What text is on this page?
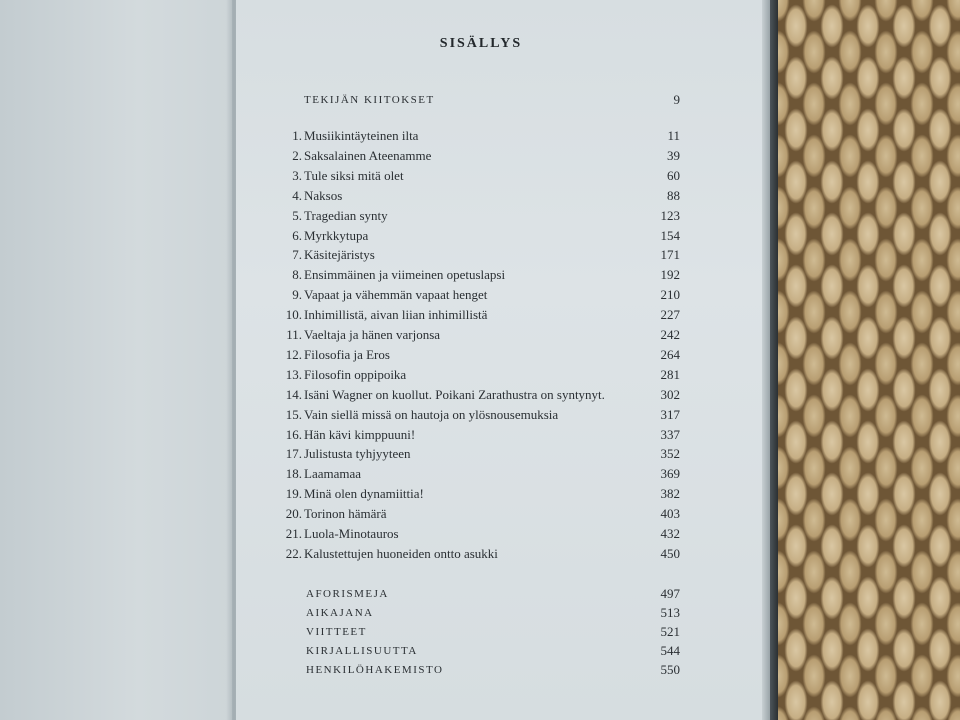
SISÄLLYS
TEKIJÄN KIITOKSET	9
1. Musiikintäyteinen ilta	11
2. Saksalainen Ateenamme	39
3. Tule siksi mitä olet	60
4. Naksos	88
5. Tragedian synty	123
6. Myrkkytupa	154
7. Käsitejäristys	171
8. Ensimmäinen ja viimeinen opetuslapsi	192
9. Vapaat ja vähemmän vapaat henget	210
10. Inhimillistä, aivan liian inhimillistä	227
11. Vaeltaja ja hänen varjonsa	242
12. Filosofia ja Eros	264
13. Filosofin oppipoika	281
14. Isäni Wagner on kuollut. Poikani Zarathustra on syntynyt.	302
15. Vain siellä missä on hautoja on ylösnousemuksia	317
16. Hän kävi kimppuuni!	337
17. Julistusta tyhjyyteen	352
18. Laamamaa	369
19. Minä olen dynamiittia!	382
20. Torinon hämärä	403
21. Luola-Minotauros	432
22. Kalustettujen huoneiden ontto asukki	450
AFORISMEJA	497
AIKAJANA	513
VIITTEET	521
KIRJALLISUUTTA	544
HENKILÖHAKEMISTO	550
